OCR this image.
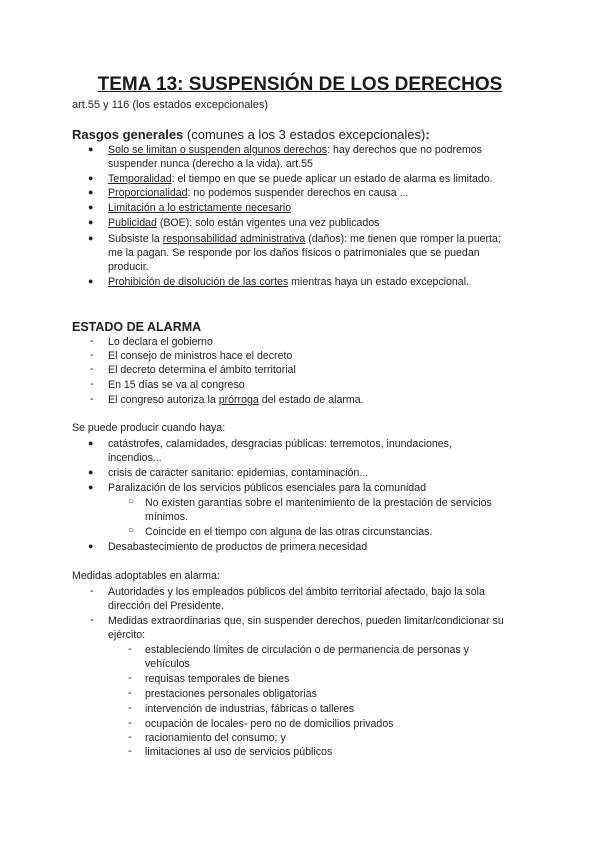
TEMA 13: SUSPENSIÓN DE LOS DERECHOS
art.55 y 116 (los estados excepcionales)
Rasgos generales (comunes a los 3 estados excepcionales):
● Solo se limitan o suspenden algunos derechos: hay derechos que no podremos
suspender nunca (derecho a la vida). art.55
● Temporalidad: el tiempo en que se puede aplicar un estado de alarma es limitado.
● Proporcionalidad: no podemos suspender derechos en causa ...
● Limitación a lo estrictamente necesario
● Publicidad (BOE): solo están vigentes una vez publicados
● Subsiste la responsabilidad administrativa (daños): me tienen que romper la puerta;
me la pagan. Se responde por los daños físicos o patrimoniales que se puedan
producir.
● Prohibición de disolución de las cortes mientras haya un estado excepcional.
ESTADO DE ALARMA
- Lo declara el gobierno
- El consejo de ministros hace el decreto
- El decreto determina el ámbito territorial
- En 15 días se va al congreso
- El congreso autoriza la prórroga del estado de alarma.
Se puede producir cuando haya:
● catástrofes, calamidades, desgracias públicas: terremotos, inundaciones,
incendios...
● crisis de carácter sanitario: epidemias, contaminación...
● Paralización de los servicios públicos esenciales para la comunidad
○ No existen garantías sobre el mantenimiento de la prestación de servicios
mínimos.
○ Coincide en el tiempo con alguna de las otras circunstancias.
● Desabastecimiento de productos de primera necesidad
Medidas adoptables en alarma:
- Autoridades y los empleados públicos del ámbito territorial afectado, bajo la sola
dirección del Presidente.
- Medidas extraordinarias que, sin suspender derechos, pueden limitar/condicionar su
ejército:
- estableciendo límites de circulación o de permanencia de personas y
vehículos
- requisas temporales de bienes
- prestaciones personales obligatorias
- intervención de industrias, fábricas o talleres
- ocupación de locales- pero no de domicilios privados
- racionamiento del consumo; y
- limitaciones al uso de servicios públicos
